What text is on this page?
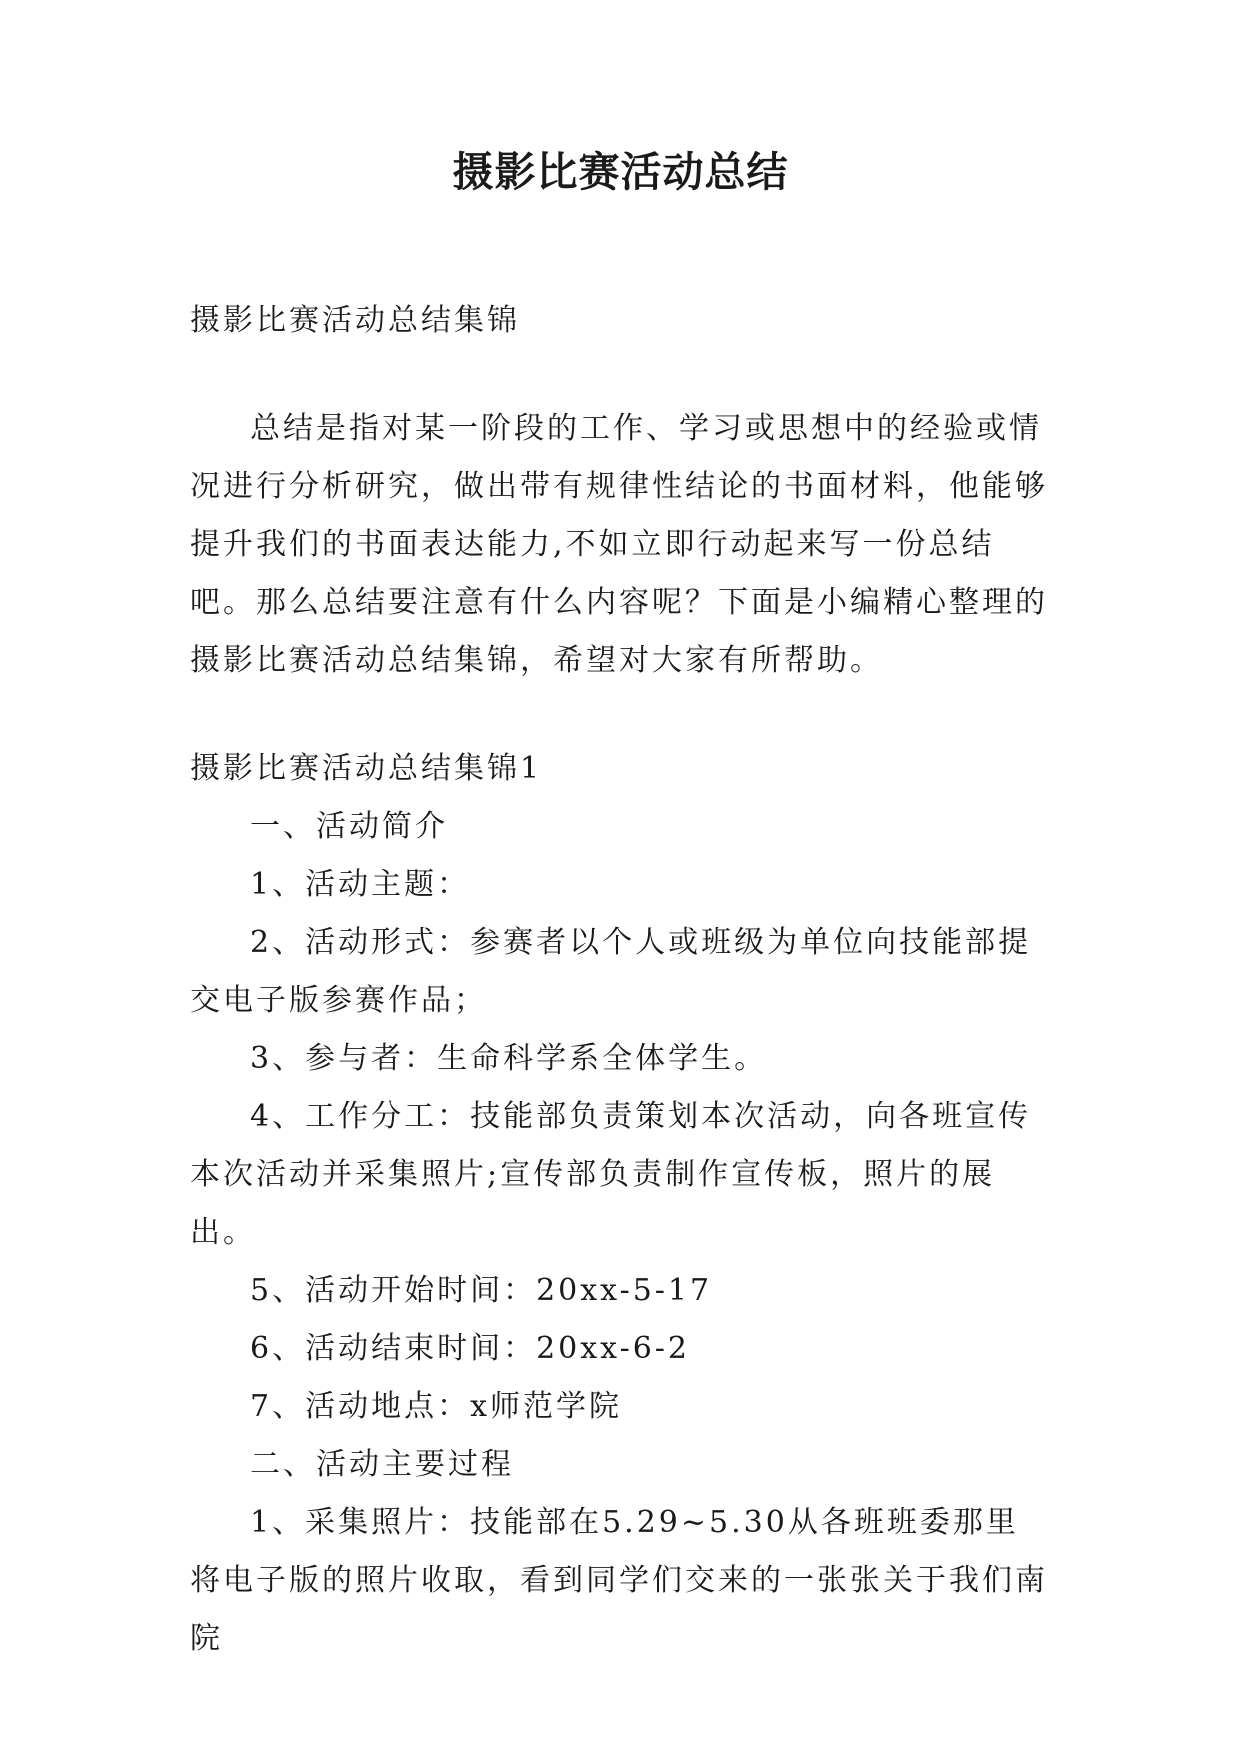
摄影比赛活动总结

摄影比赛活动总结集锦

总结是指对某一阶段的工作、学习或思想中的经验或情况进行分析研究，做出带有规律性结论的书面材料，他能够提升我们的书面表达能力,不如立即行动起来写一份总结吧。那么总结要注意有什么内容呢？下面是小编精心整理的摄影比赛活动总结集锦，希望对大家有所帮助。

摄影比赛活动总结集锦1

一、活动简介

1、活动主题：

2、活动形式：参赛者以个人或班级为单位向技能部提交电子版参赛作品；

3、参与者：生命科学系全体学生。

4、工作分工：技能部负责策划本次活动，向各班宣传本次活动并采集照片;宣传部负责制作宣传板，照片的展出。

5、活动开始时间：20xx-5-17

6、活动结束时间：20xx-6-2

7、活动地点：x师范学院

二、活动主要过程

1、采集照片：技能部在5.29~5.30从各班班委那里将电子版的照片收取，看到同学们交来的一张张关于我们南院
